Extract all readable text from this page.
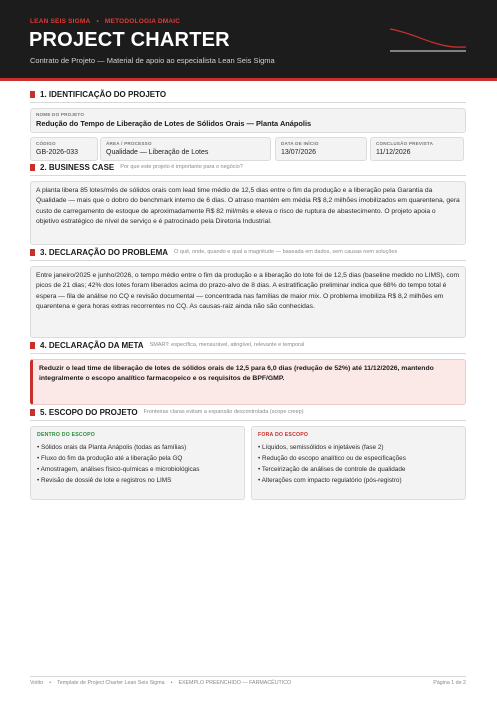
LEAN SEIS SIGMA • METODOLOGIA DMAIC
PROJECT CHARTER
Contrato de Projeto — Material de apoio ao especialista Lean Seis Sigma
1. IDENTIFICAÇÃO DO PROJETO
NOME DO PROJETO
Redução do Tempo de Liberação de Lotes de Sólidos Orais — Planta Anápolis
CÓDIGO
GB-2026-033
ÁREA / PROCESSO
Qualidade — Liberação de Lotes
DATA DE INÍCIO
13/07/2026
CONCLUSÃO PREVISTA
11/12/2026
2. BUSINESS CASE Por que este projeto é importante para o negócio?
A planta libera 85 lotes/mês de sólidos orais com lead time médio de 12,5 dias entre o fim da produção e a liberação pela Garantia da Qualidade — mais que o dobro do benchmark interno de 6 dias. O atraso mantém em média R$ 8,2 milhões imobilizados em quarentena, gera custo de carregamento de estoque de aproximadamente R$ 82 mil/mês e eleva o risco de ruptura de abastecimento. O projeto apoia o objetivo estratégico de nível de serviço e é patrocinado pela Diretoria Industrial.
3. DECLARAÇÃO DO PROBLEMA O quê, onde, quando e qual a magnitude — baseada em dados, sem causas nem soluções
Entre janeiro/2025 e junho/2026, o tempo médio entre o fim da produção e a liberação do lote foi de 12,5 dias (baseline medido no LIMS), com picos de 21 dias; 42% dos lotes foram liberados acima do prazo-alvo de 8 dias. A estratificação preliminar indica que 68% do tempo total é espera — fila de análise no CQ e revisão documental — concentrada nas famílias de maior mix. O problema imobiliza R$ 8,2 milhões em quarentena e gera horas extras recorrentes no CQ. As causas-raiz ainda não são conhecidas.
4. DECLARAÇÃO DA META SMART: específica, mensurável, atingível, relevante e temporal
Reduzir o lead time de liberação de lotes de sólidos orais de 12,5 para 6,0 dias (redução de 52%) até 11/12/2026, mantendo integralmente o escopo analítico farmacopeico e os requisitos de BPF/GMP.
5. ESCOPO DO PROJETO Fronteiras claras evitam a expansão descontrolada (scope creep)
DENTRO DO ESCOPO
• Sólidos orais da Planta Anápolis (todas as famílias)
• Fluxo do fim da produção até a liberação pela GQ
• Amostragem, análises físico-químicas e microbiológicas
• Revisão de dossiê de lote e registros no LIMS
FORA DO ESCOPO
• Líquidos, semissólidos e injetáveis (fase 2)
• Redução do escopo analítico ou de especificações
• Terceirização de análises de controle de qualidade
• Alterações com impacto regulatório (pós-registro)
Voitto • Template de Project Charter Lean Seis Sigma • EXEMPLO PREENCHIDO — FARMACÊUTICO	Página 1 de 2
